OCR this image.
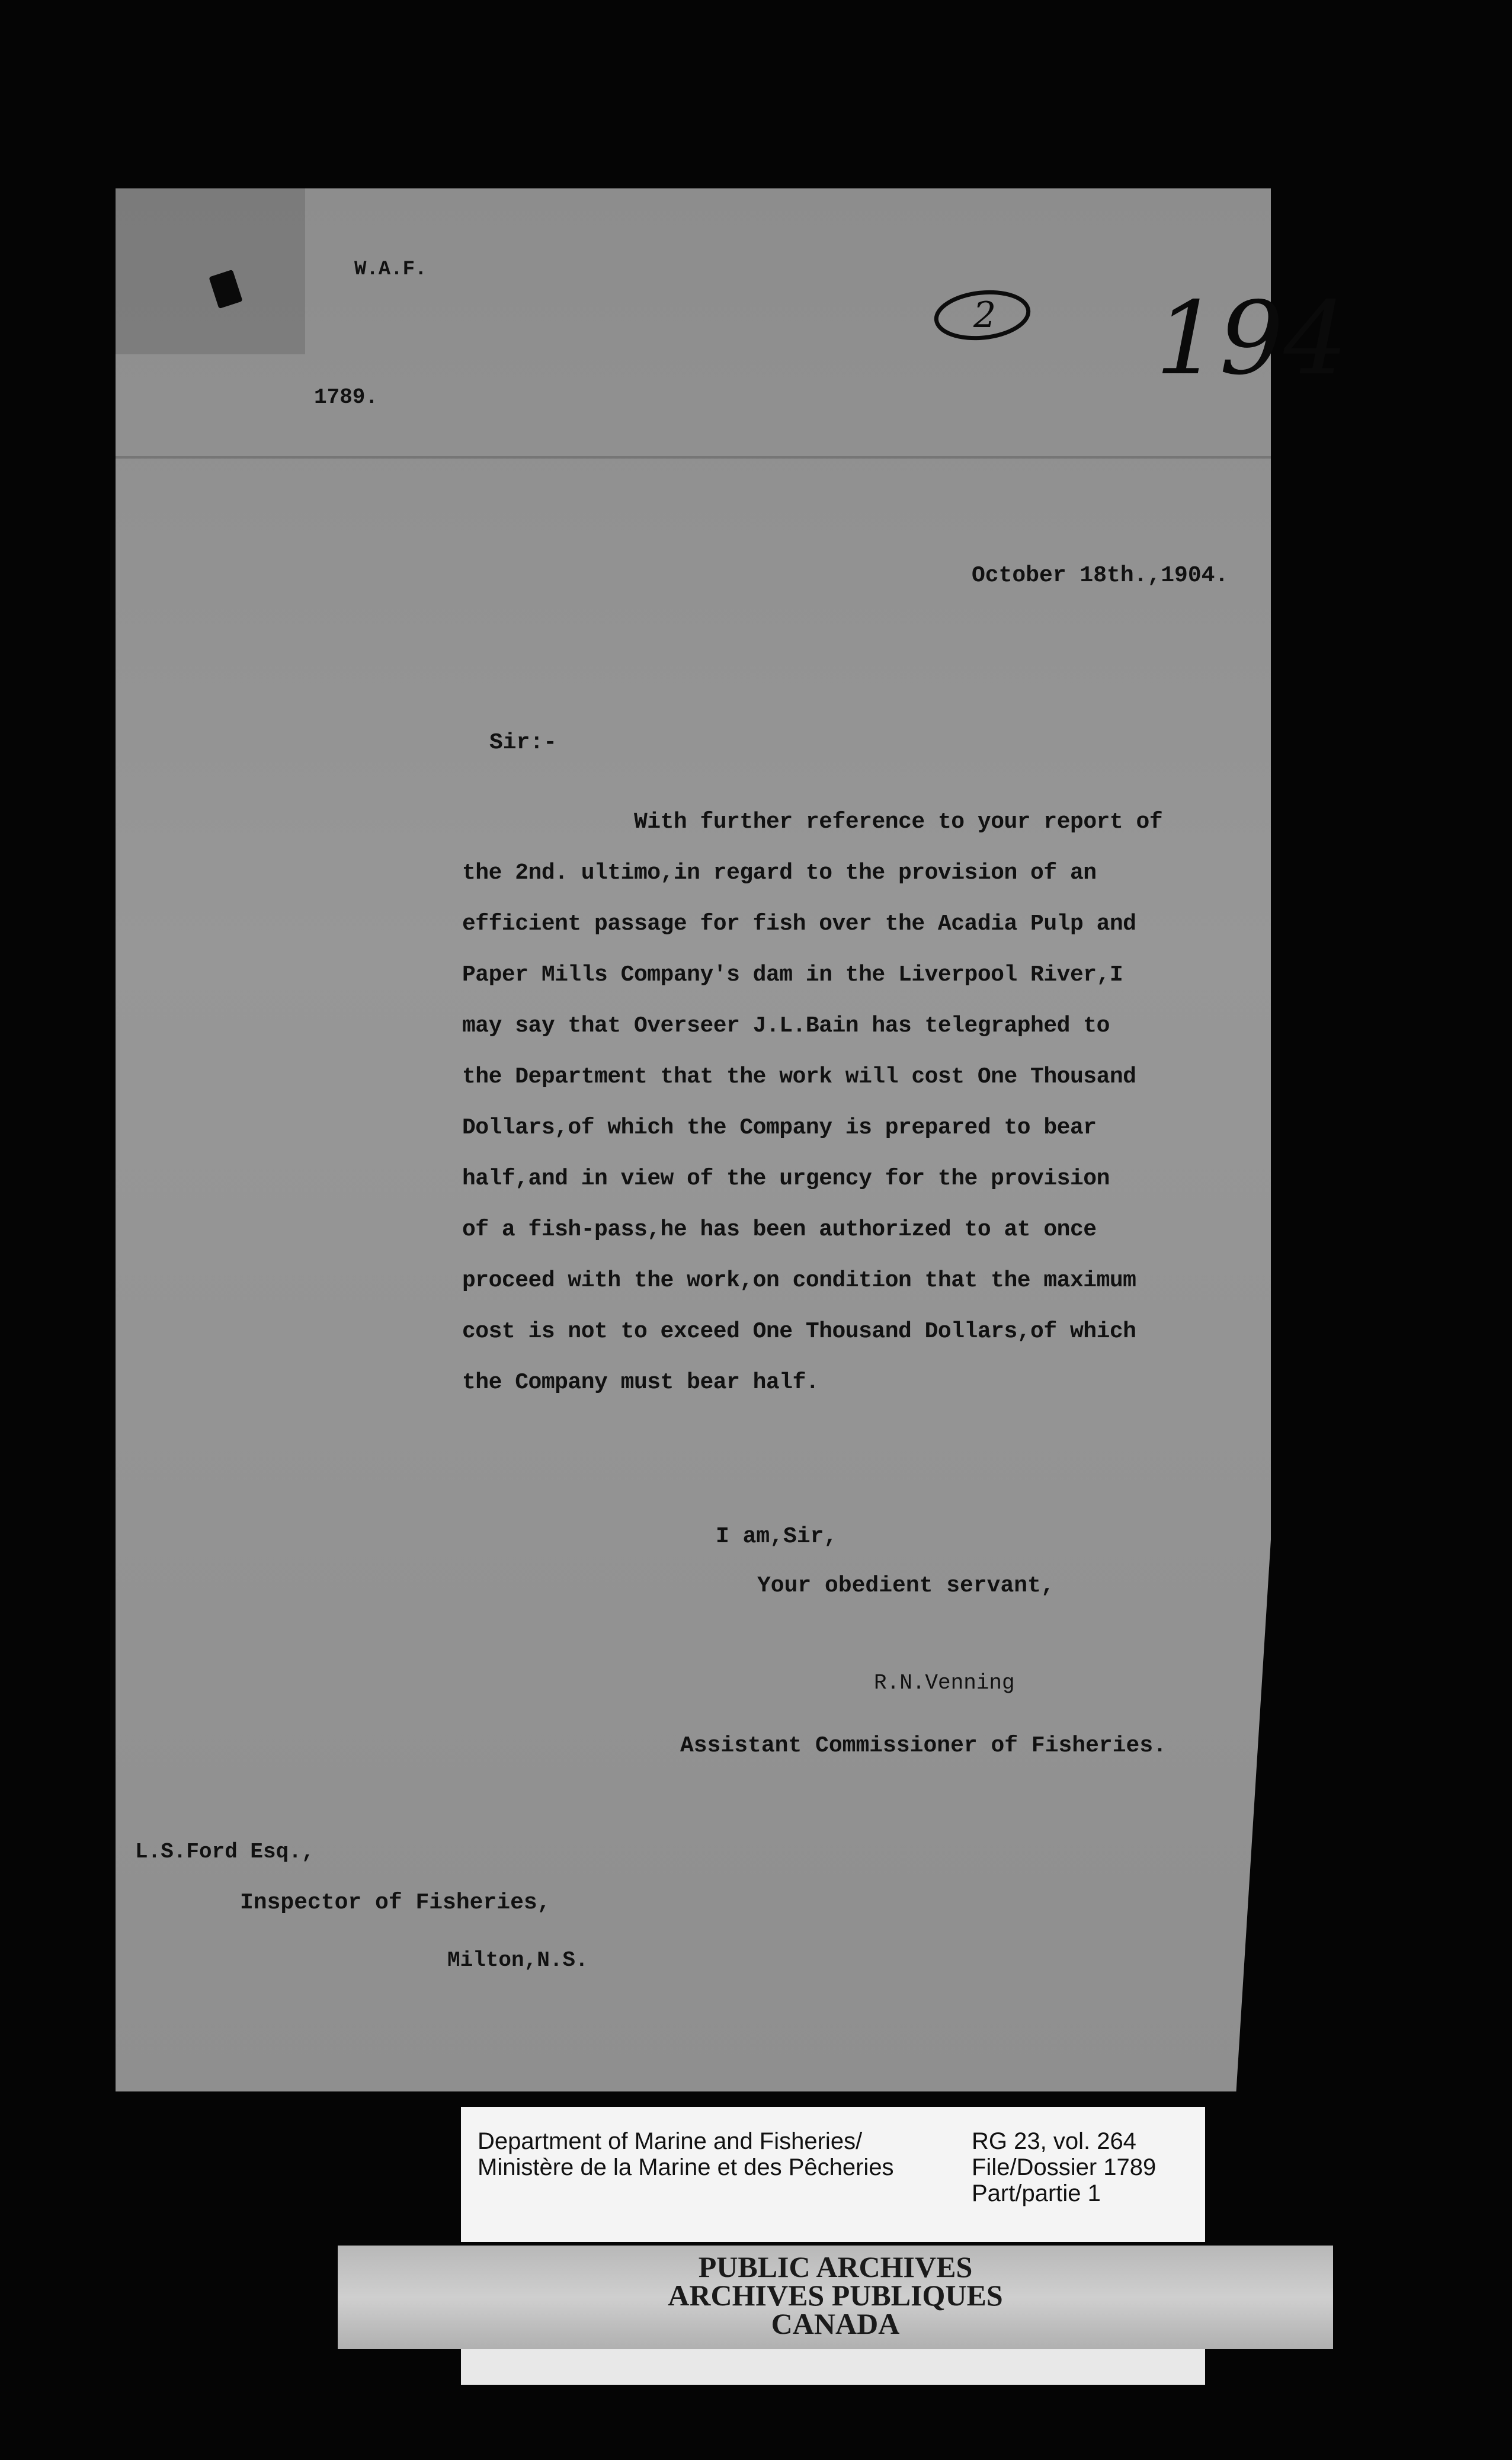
W.A.F.
1789.
2 194
October 18th.,1904.
Sir:-
With further reference to your report of
the 2nd. ultimo,in regard to the provision of an
efficient passage for fish over the Acadia Pulp and
Paper Mills Company's dam in the Liverpool River,I
may say that Overseer J.L.Bain has telegraphed to
the Department that the work will cost One Thousand
Dollars,of which the Company is prepared to bear
half,and in view of the urgency for the provision
of a fish-pass,he has been authorized to at once
proceed with the work,on condition that the maximum
cost is not to exceed One Thousand Dollars,of which
the Company must bear half.
I am,Sir,
Your obedient servant,
R.N.Venning
Assistant Commissioner of Fisheries.
L.S.Ford Esq.,
Inspector of Fisheries,
Milton,N.S.
Department of Marine and Fisheries/
Ministère de la Marine et des Pêcheries
RG 23, vol. 264
File/Dossier 1789
Part/partie 1
PUBLIC ARCHIVES
ARCHIVES PUBLIQUES
CANADA
